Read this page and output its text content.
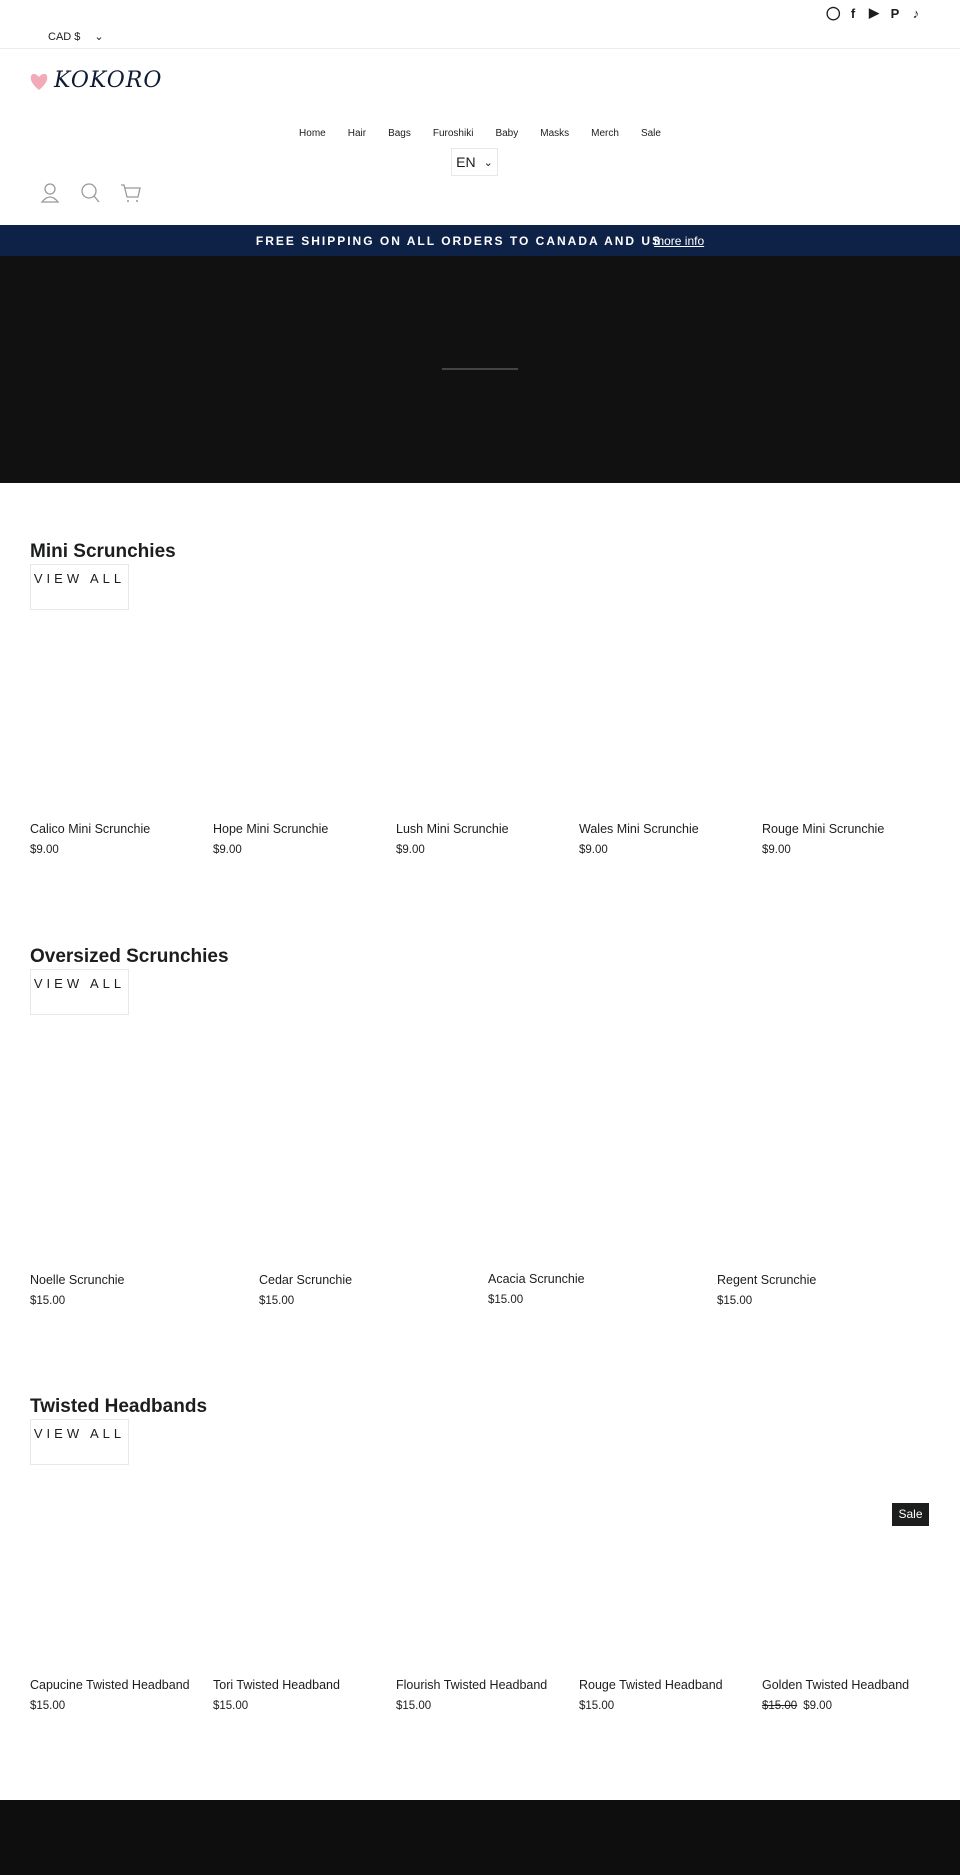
CAD $ ⌄
◯ f ▶ P ♪
KOKORO
Home	Hair	Bags	Furoshiki	Baby	Masks	Merch	Sale
EN ⌄
FREE SHIPPING ON ALL ORDERS TO CANADA AND US
more info
Mini Scrunchies
VIEW ALL
Oversized Scrunchies
VIEW ALL
Twisted Headbands
VIEW ALL
Calico Mini Scrunchie
$9.00
Hope Mini Scrunchie
$9.00
Lush Mini Scrunchie
$9.00
Wales Mini Scrunchie
$9.00
Rouge Mini Scrunchie
$9.00
Noelle Scrunchie
$15.00
Cedar Scrunchie
$15.00
Acacia Scrunchie
$15.00
Regent Scrunchie
$15.00
Capucine Twisted Headband
$15.00
Tori Twisted Headband
$15.00
Flourish Twisted Headband
$15.00
Rouge Twisted Headband
$15.00
Golden Twisted Headband
$15.00 $9.00
Sale
